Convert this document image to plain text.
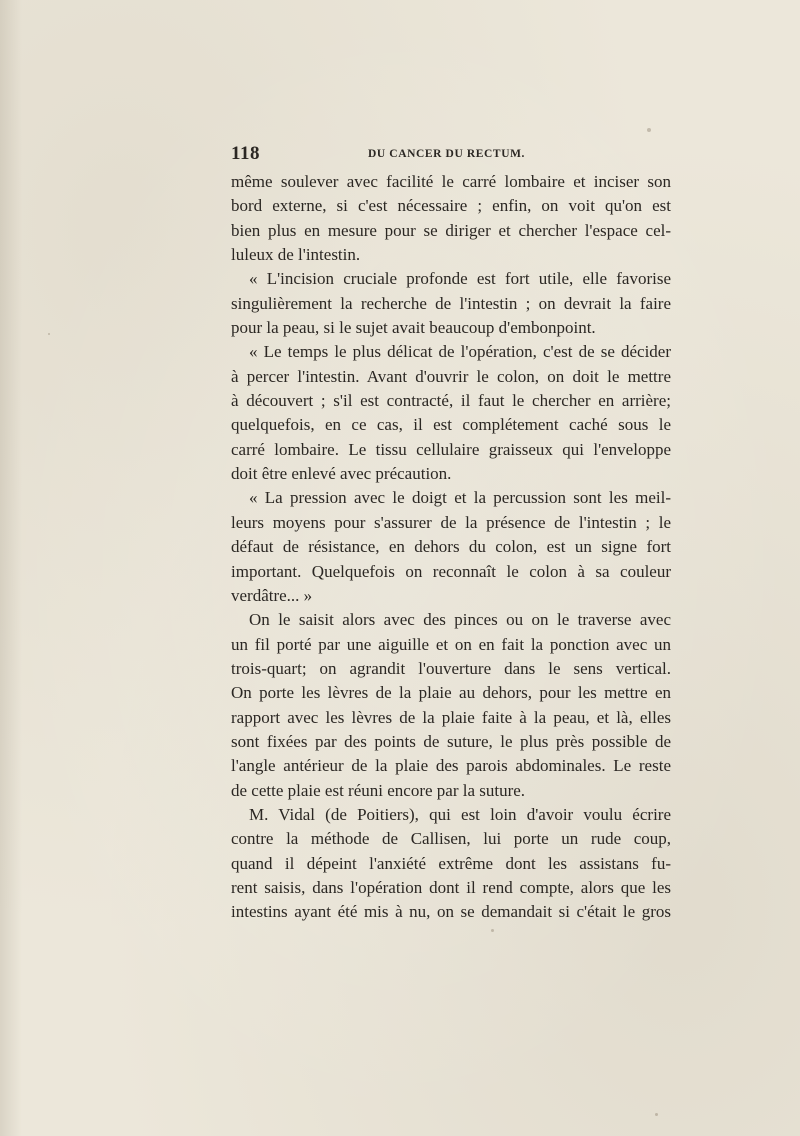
118	DU CANCER DU RECTUM.
même soulever avec facilité le carré lombaire et inciser son
bord externe, si c'est nécessaire ; enfin, on voit qu'on est
bien plus en mesure pour se diriger et chercher l'espace cel-
luleux de l'intestin.
« L'incision cruciale profonde est fort utile, elle favorise
singulièrement la recherche de l'intestin ; on devrait la faire
pour la peau, si le sujet avait beaucoup d'embonpoint.
« Le temps le plus délicat de l'opération, c'est de se décider
à percer l'intestin. Avant d'ouvrir le colon, on doit le mettre
à découvert ; s'il est contracté, il faut le chercher en arrière;
quelquefois, en ce cas, il est complétement caché sous le
carré lombaire. Le tissu cellulaire graisseux qui l'enveloppe
doit être enlevé avec précaution.
« La pression avec le doigt et la percussion sont les meil-
leurs moyens pour s'assurer de la présence de l'intestin ; le
défaut de résistance, en dehors du colon, est un signe fort
important. Quelquefois on reconnaît le colon à sa couleur
verdâtre... »
On le saisit alors avec des pinces ou on le traverse avec
un fil porté par une aiguille et on en fait la ponction avec un
trois-quart; on agrandit l'ouverture dans le sens vertical.
On porte les lèvres de la plaie au dehors, pour les mettre en
rapport avec les lèvres de la plaie faite à la peau, et là, elles
sont fixées par des points de suture, le plus près possible de
l'angle antérieur de la plaie des parois abdominales. Le reste
de cette plaie est réuni encore par la suture.
M. Vidal (de Poitiers), qui est loin d'avoir voulu écrire
contre la méthode de Callisen, lui porte un rude coup,
quand il dépeint l'anxiété extrême dont les assistans fu-
rent saisis, dans l'opération dont il rend compte, alors que les
intestins ayant été mis à nu, on se demandait si c'était le gros
